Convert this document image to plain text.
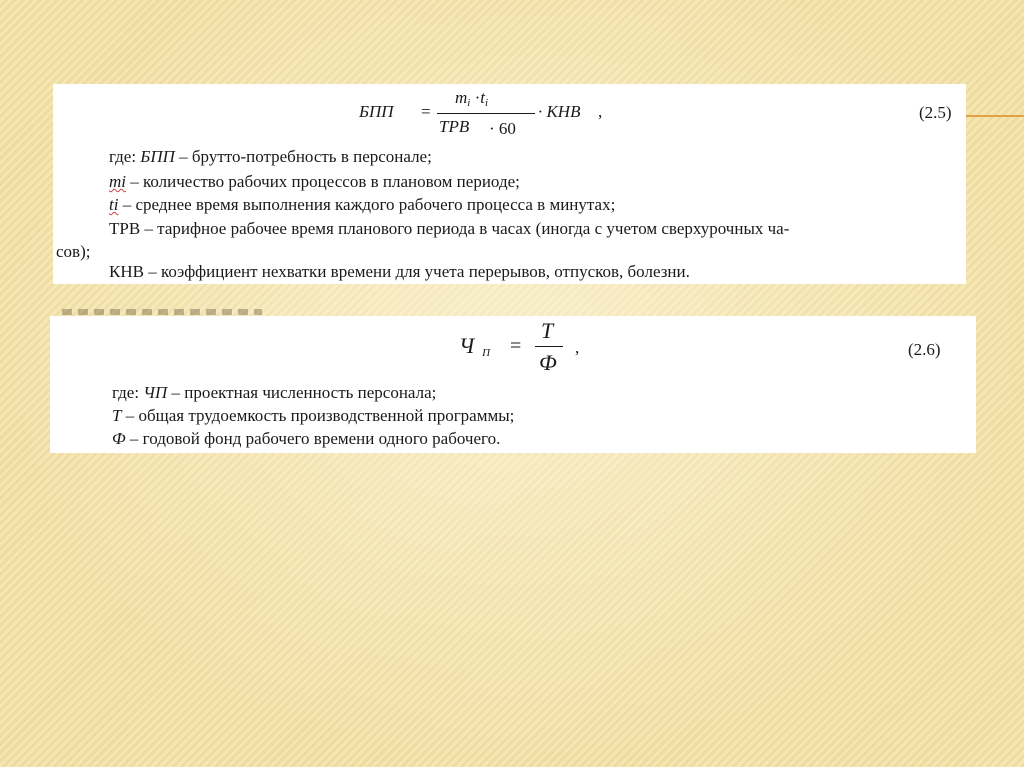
БПП =
$m_i \cdot t_i$
ТРВ · 60
· КНВ ,	(2.5)
где: БПП – брутто-потребность в персонале;
mi – количество рабочих процессов в плановом периоде;
ti – среднее время выполнения каждого рабочего процесса в минутах;
ТРВ – тарифное рабочее время планового периода в часах (иногда с учетом сверхурочных ча-
сов);
КНВ – коэффициент нехватки времени для учета перерывов, отпусков, болезни.
Ч $_П$ =
Т
Ф
,	(2.6)
где: ЧП – проектная численность персонала;
Т – общая трудоемкость производственной программы;
Ф – годовой фонд рабочего времени одного рабочего.
